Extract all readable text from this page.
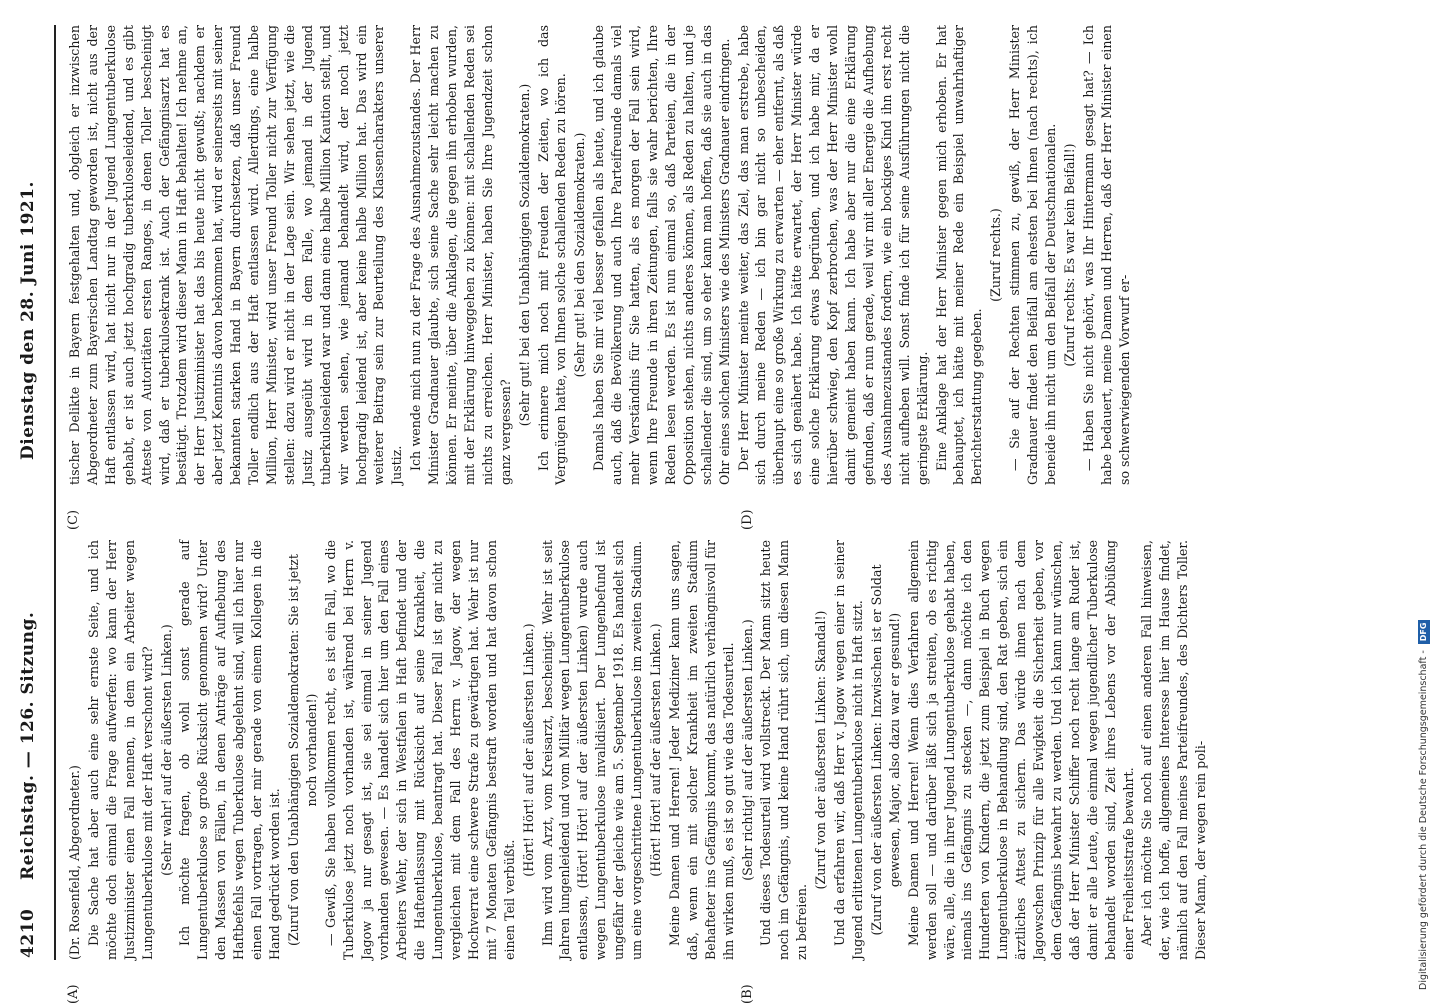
4210
Reichstag. — 126. Sitzung.
Dienstag den 28. Juni 1921.

(Dr. Rosenfeld, Abgeordneter.) Die Sache hat aber auch eine sehr ernste Seite, und ich möchte doch einmal die Frage aufwerfen: wo kann der Herr Justizminister einen Fall nennen, in dem ein Arbeiter wegen Lungentuberkulose mit der Haft verschont wird? (Sehr wahr! auf der äußersten Linken.) Ich möchte fragen, ob wohl sonst gerade auf Lungentuberkulose so große Rücksicht genommen wird? Unter den Massen von Fällen, in denen Anträge auf Aufhebung des Haftbefehls wegen Tuberkulose abgelehnt sind, will ich hier nur einen Fall vortragen, der mir gerade von einem Kollegen in die Hand gedrückt worden ist. (Zuruf von den Unabhängigen Sozialdemokraten: Sie ist jetzt noch vorhanden!) — Gewiß, Sie haben vollkommen recht, es ist ein Fall, wo die Tuberkulose jetzt noch vorhanden ist, während bei Herrn v. Jagow ja nur gesagt ist, sie sei einmal in seiner Jugend vorhanden gewesen. — Es handelt sich hier um den Fall eines Arbeiters Wehr, der sich in Westfalen in Haft befindet und der die Haftentlassung mit Rücksicht auf seine Krankheit, die Lungentuberkulose, beantragt hat. Dieser Fall ist gar nicht zu vergleichen mit dem Fall des Herrn v. Jagow, der wegen Hochverrat eine schwere Strafe zu gewärtigen hat. Wehr ist nur mit 7 Monaten Gefängnis bestraft worden und hat davon schon einen Teil verbüßt.

(Hört! Hört! auf der äußersten Linken.) Ihm wird vom Arzt, vom Kreisarzt, bescheinigt: Wehr ist seit Jahren lungenleidend und vom Militär wegen Lungentuberkulose entlassen, (Hört! Hört! auf der äußersten Linken) wurde auch wegen Lungentuberkulose invalidisiert. Der Lungenbefund ist ungefähr der gleiche wie am 5. September 1918. Es handelt sich um eine vorgeschrittene Lungentuberkulose im zweiten Stadium. (Hört! Hört! auf der äußersten Linken.) Meine Damen und Herren! Jeder Mediziner kann uns sagen, daß, wenn ein mit solcher Krankheit im zweiten Stadium Behafteter ins Gefängnis kommt, das natürlich verhängnisvoll für ihn wirken muß, es ist so gut wie das Todesurteil. (Sehr richtig! auf der äußersten Linken.) Und dieses Todesurteil wird vollstreckt. Der Mann sitzt heute noch im Gefängnis, und keine Hand rührt sich, um diesen Mann zu befreien.

(Zuruf von der äußersten Linken: Skandal!) Und da erfahren wir, daß Herr v. Jagow wegen einer in seiner Jugend erlittenen Lungentuberkulose nicht in Haft sitzt. (Zuruf von der äußersten Linken: Inzwischen ist er Soldat gewesen, Major, also dazu war er gesund!) Meine Damen und Herren! Wenn dies Verfahren allgemein werden soll — und darüber läßt sich ja streiten, ob es richtig wäre, alle, die in ihrer Jugend Lungentuberkulose gehabt haben, niemals ins Gefängnis zu stecken —, dann möchte ich den Hunderten von Kindern, die jetzt zum Beispiel in Buch wegen Lungentuberkulose in Behandlung sind, den Rat geben, sich ein ärztliches Attest zu sichern. Das würde ihnen nach dem Jagowschen Prinzip für alle Ewigkeit die Sicherheit geben, vor dem Gefängnis bewahrt zu werden. Und ich kann nur wünschen, daß der Herr Minister Schiffer noch recht lange am Ruder ist, damit er alle Leute, die einmal wegen jugendlicher Tuberkulose behandelt worden sind, Zeit ihres Lebens vor der Abbüßung einer Freiheitsstrafe bewahrt. Aber ich möchte Sie noch auf einen anderen Fall hinweisen, der, wie ich hoffe, allgemeines Interesse hier im Hause findet, nämlich auf den Fall meines Parteifreundes, des Dichters Toller. Dieser Mann, der wegen rein poli-

tischer Delikte in Bayern festgehalten und, obgleich er inzwischen Abgeordneter zum Bayerischen Landtag geworden ist, nicht aus der Haft entlassen wird, hat nicht nur in der Jugend Lungentuberkulose gehabt, er ist auch jetzt hochgradig tuberkuloseleidend, und es gibt Atteste von Autoritäten ersten Ranges, in denen Toller bescheinigt wird, daß er tuberkulosekrank ist. Auch der Gefängnisarzt hat es bestätigt. Trotzdem wird dieser Mann in Haft behalten! Ich nehme an, der Herr Justizminister hat das bis heute nicht gewußt; nachdem er aber jetzt Kenntnis davon bekommen hat, wird er seinerseits mit seiner bekannten starken Hand in Bayern durchsetzen, daß unser Freund Toller endlich aus der Haft entlassen wird. Allerdings, eine halbe Million, Herr Minister, wird unser Freund Toller nicht zur Verfügung stellen: dazu wird er nicht in der Lage sein. Wir sehen jetzt, wie die Justiz ausgeübt wird in dem Falle, wo jemand in der Jugend tuberkuloseleidend war und dann eine halbe Million Kaution stellt, und wir werden sehen, wie jemand behandelt wird, der noch jetzt hochgradig leidend ist, aber keine halbe Million hat. Das wird ein weiterer Beitrag sein zur Beurteilung des Klassencharakters unserer Justiz. Ich wende mich nun zu der Frage des Ausnahmezustandes. Der Herr Minister Gradnauer glaubte, sich seine Sache sehr leicht machen zu können. Er meinte, über die Anklagen, die gegen ihn erhoben wurden, mit der Erklärung hinweggehen zu können: mit schallenden Reden sei nichts zu erreichen. Herr Minister, haben Sie Ihre Jugendzeit schon ganz vergessen?

(Sehr gut! bei den Unabhängigen Sozialdemokraten.) Ich erinnere mich noch mit Freuden der Zeiten, wo ich das Vergnügen hatte, von Ihnen solche schallenden Reden zu hören. (Sehr gut! bei den Sozialdemokraten.) Damals haben Sie mir viel besser gefallen als heute, und ich glaube auch, daß die Bevölkerung und auch Ihre Parteifreunde damals viel mehr Verständnis für Sie hatten, als es morgen der Fall sein wird, wenn Ihre Freunde in ihren Zeitungen, falls sie wahr berichten, Ihre Reden lesen werden. Es ist nun einmal so, daß Parteien, die in der Opposition stehen, nichts anderes können, als Reden zu halten, und je schallender die sind, um so eher kann man hoffen, daß sie auch in das Ohr eines solchen Ministers wie des Ministers Gradnauer eindringen. Der Herr Minister meinte weiter, das Ziel, das man erstrebe, habe sich durch meine Reden — ich bin gar nicht so unbescheiden, überhaupt eine so große Wirkung zu erwarten — eher entfernt, als daß es sich genähert habe. Ich hätte erwartet, der Herr Minister würde eine solche Erklärung etwas begründen, und ich habe mir, da er hierüber schwieg, den Kopf zerbrochen, was der Herr Minister wohl damit gemeint haben kann. Ich habe aber nur die eine Erklärung gefunden, daß er nun gerade, weil wir mit aller Energie die Aufhebung des Ausnahmezustandes fordern, wie ein bockiges Kind ihn erst recht nicht aufheben will. Sonst finde ich für seine Ausführungen nicht die geringste Erklärung. Eine Anklage hat der Herr Minister gegen mich erhoben. Er hat behauptet, ich hätte mit meiner Rede ein Beispiel unwahrhaftiger Berichterstattung gegeben.

(Zuruf rechts.) — Sie auf der Rechten stimmen zu, gewiß, der Herr Minister Gradnauer findet den Beifall am ehesten bei Ihnen (nach rechts), ich beneide ihn nicht um den Beifall der Deutschnationalen. (Zuruf rechts: Es war kein Beifall!) — Haben Sie nicht gehört, was Ihr Hintermann gesagt hat? — Ich habe bedauert, meine Damen und Herren, daß der Herr Minister einen so schwerwiegenden Vorwurf er-

(A)	(B)
(C)	(D)
Digitalisierung gefördert durch die Deutsche Forschungsgemeinschaft -DFG
